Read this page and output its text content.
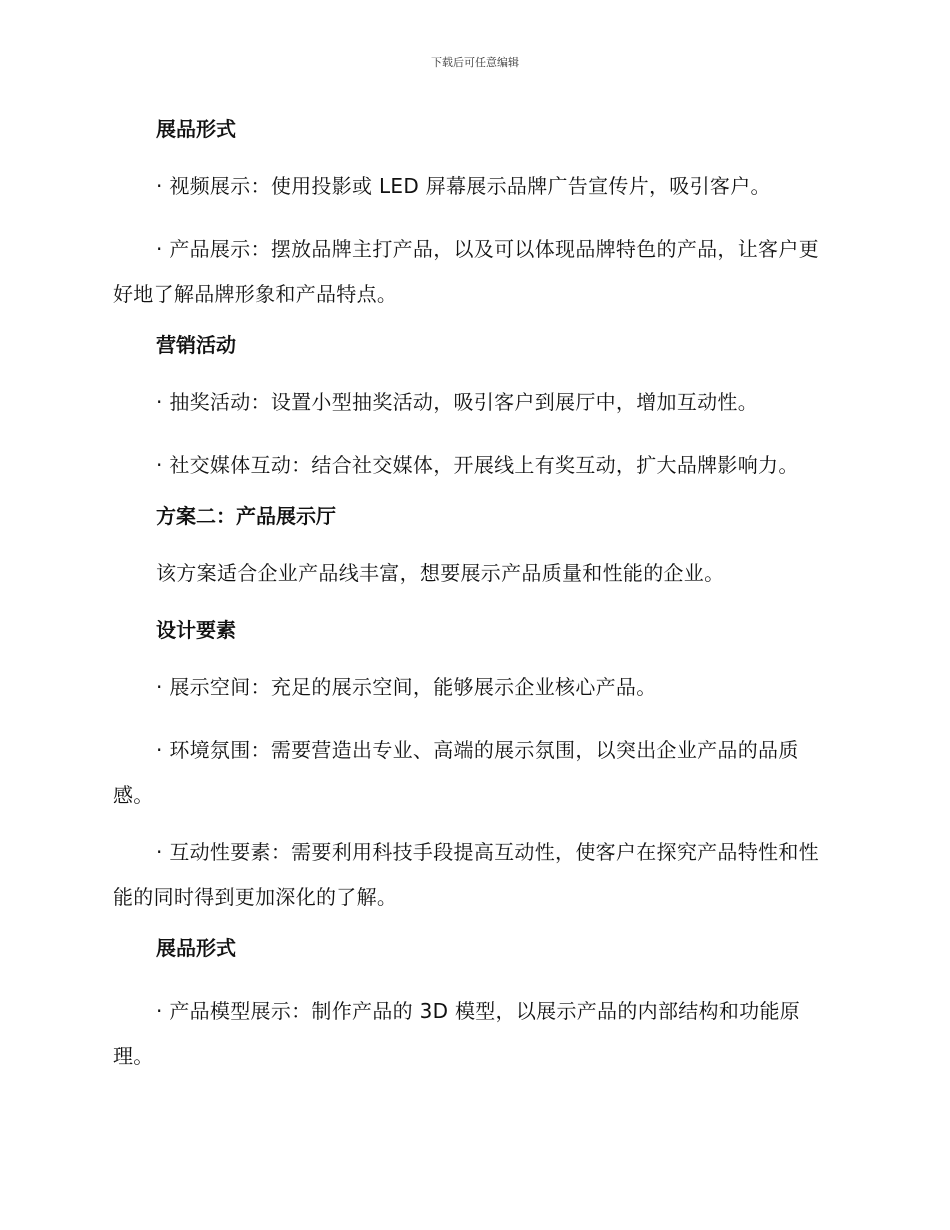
下载后可任意编辑
展品形式
· 视频展示：使用投影或 LED 屏幕展示品牌广告宣传片，吸引客户。
· 产品展示：摆放品牌主打产品，以及可以体现品牌特色的产品，让客户更好地了解品牌形象和产品特点。
营销活动
· 抽奖活动：设置小型抽奖活动，吸引客户到展厅中，增加互动性。
· 社交媒体互动：结合社交媒体，开展线上有奖互动，扩大品牌影响力。
方案二：产品展示厅
该方案适合企业产品线丰富，想要展示产品质量和性能的企业。
设计要素
· 展示空间：充足的展示空间，能够展示企业核心产品。
· 环境氛围：需要营造出专业、高端的展示氛围，以突出企业产品的品质感。
· 互动性要素：需要利用科技手段提高互动性，使客户在探究产品特性和性能的同时得到更加深化的了解。
展品形式
· 产品模型展示：制作产品的 3D 模型，以展示产品的内部结构和功能原理。
